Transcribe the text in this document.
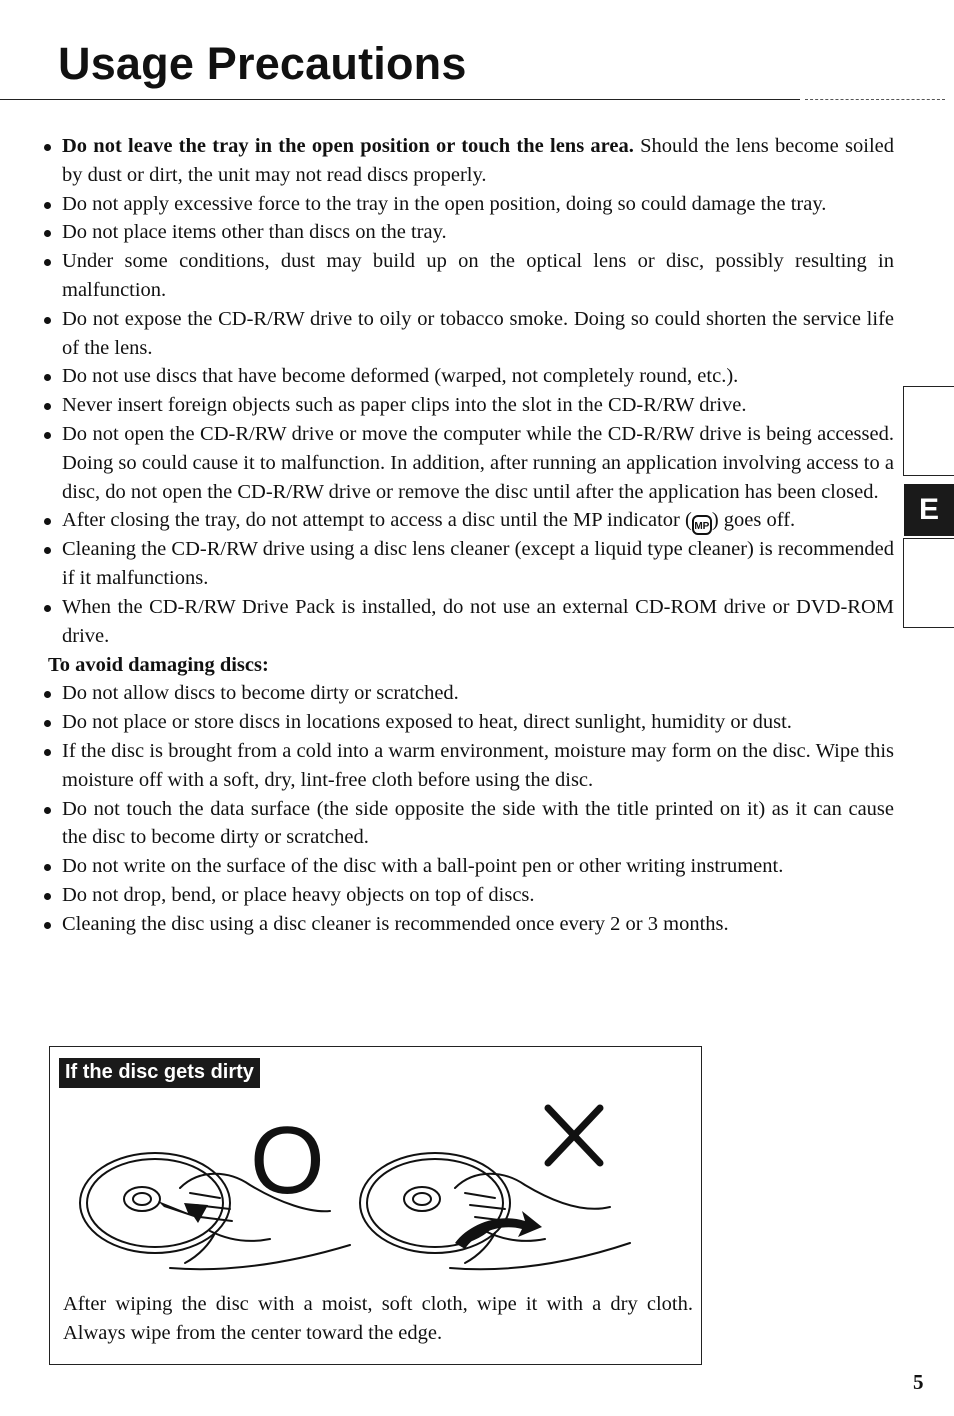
Usage Precautions
Do not leave the tray in the open position or touch the lens area. Should the lens become soiled by dust or dirt, the unit may not read discs properly.
Do not apply excessive force to the tray in the open position, doing so could damage the tray.
Do not place items other than discs on the tray.
Under some conditions, dust may build up on the optical lens or disc, possibly resulting in malfunction.
Do not expose the CD-R/RW drive to oily or tobacco smoke. Doing so could shorten the service life of the lens.
Do not use discs that have become deformed (warped, not completely round, etc.).
Never insert foreign objects such as paper clips into the slot in the CD-R/RW drive.
Do not open the CD-R/RW drive or move the computer while the CD-R/RW drive is being accessed. Doing so could cause it to malfunction. In addition, after running an application involving access to a disc, do not open the CD-R/RW drive or remove the disc until after the application has been closed.
After closing the tray, do not attempt to access a disc until the MP indicator ( MP ) goes off.
Cleaning the CD-R/RW drive using a disc lens cleaner (except a liquid type cleaner) is recommended if it malfunctions.
When the CD-R/RW Drive Pack is installed, do not use an external CD-ROM drive or DVD-ROM drive.

To avoid damaging discs:

Do not allow discs to become dirty or scratched.
Do not place or store discs in locations exposed to heat, direct sunlight, humidity or dust.
If the disc is brought from a cold into a warm environment, moisture may form on the disc. Wipe this moisture off with a soft, dry, lint-free cloth before using the disc.
Do not touch the data surface (the side opposite the side with the title printed on it) as it can cause the disc to become dirty or scratched.
Do not write on the surface of the disc with a ball-point pen or other writing instrument.
Do not drop, bend, or place heavy objects on top of discs.
Cleaning the disc using a disc cleaner is recommended once every 2 or 3 months.
E
If the disc gets dirty
O

After wiping the disc with a moist, soft cloth, wipe it with a dry cloth. Always wipe from the center toward the edge.

5
